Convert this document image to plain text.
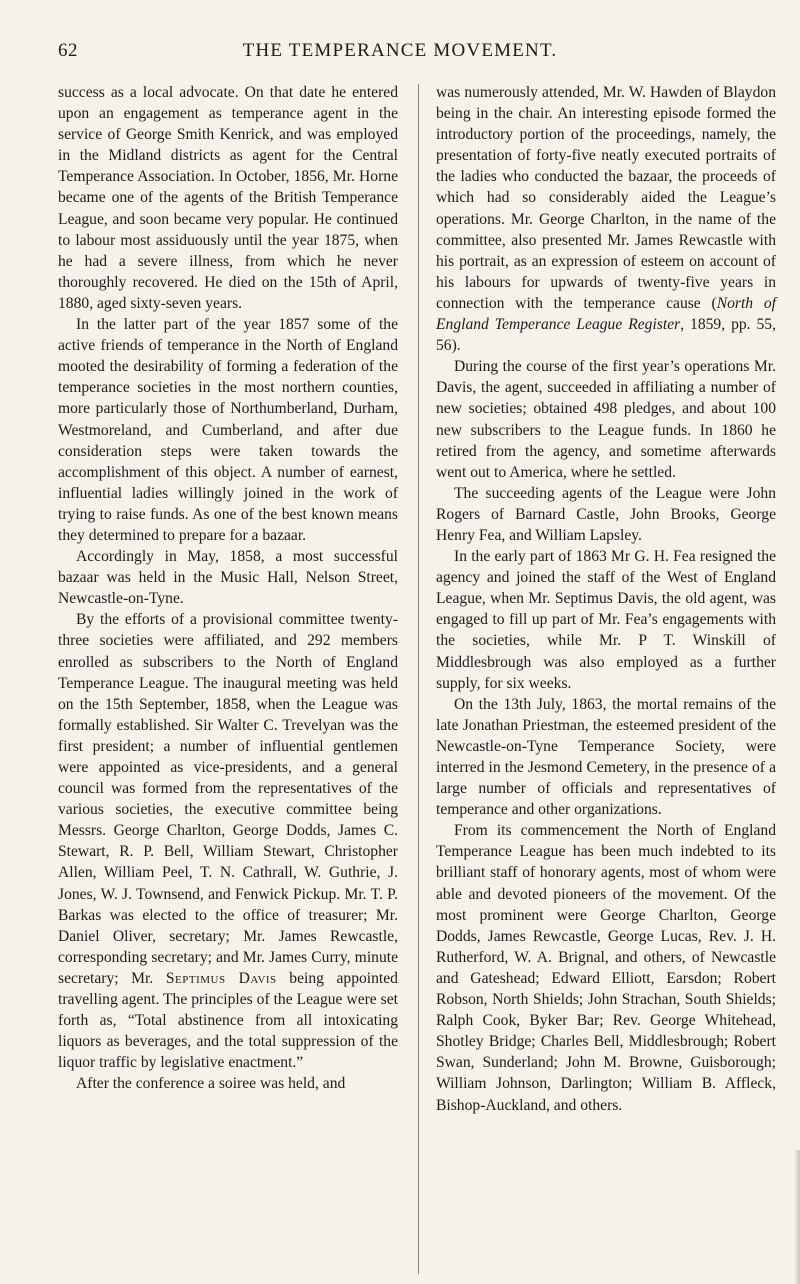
62	THE TEMPERANCE MOVEMENT.

success as a local advocate. On that date he entered upon an engagement as temperance agent in the service of George Smith Kenrick, and was employed in the Midland districts as agent for the Central Temperance Association. In October, 1856, Mr. Horne became one of the agents of the British Temperance League, and soon became very popular. He continued to labour most assiduously until the year 1875, when he had a severe illness, from which he never thoroughly recovered. He died on the 15th of April, 1880, aged sixty-seven years.

In the latter part of the year 1857 some of the active friends of temperance in the North of England mooted the desirability of forming a federation of the temperance societies in the most northern counties, more particularly those of Northumberland, Durham, Westmoreland, and Cumberland, and after due consideration steps were taken towards the accomplishment of this object. A number of earnest, influential ladies willingly joined in the work of trying to raise funds. As one of the best known means they determined to prepare for a bazaar.

Accordingly in May, 1858, a most successful bazaar was held in the Music Hall, Nelson Street, Newcastle-on-Tyne.

By the efforts of a provisional committee twenty-three societies were affiliated, and 292 members enrolled as subscribers to the North of England Temperance League. The inaugural meeting was held on the 15th September, 1858, when the League was formally established. Sir Walter C. Trevelyan was the first president; a number of influential gentlemen were appointed as vice-presidents, and a general council was formed from the representatives of the various societies, the executive committee being Messrs. George Charlton, George Dodds, James C. Stewart, R. P. Bell, William Stewart, Christopher Allen, William Peel, T. N. Cathrall, W. Guthrie, J. Jones, W. J. Townsend, and Fenwick Pickup. Mr. T. P. Barkas was elected to the office of treasurer; Mr. Daniel Oliver, secretary; Mr. James Rewcastle, corresponding secretary; and Mr. James Curry, minute secretary; Mr. Septimus Davis being appointed travelling agent. The principles of the League were set forth as, “Total abstinence from all intoxicating liquors as beverages, and the total suppression of the liquor traffic by legislative enactment.”

After the conference a soiree was held, and

was numerously attended, Mr. W. Hawden of Blaydon being in the chair. An interesting episode formed the introductory portion of the proceedings, namely, the presentation of forty-five neatly executed portraits of the ladies who conducted the bazaar, the proceeds of which had so considerably aided the League’s operations. Mr. George Charlton, in the name of the committee, also presented Mr. James Rewcastle with his portrait, as an expression of esteem on account of his labours for upwards of twenty-five years in connection with the temperance cause (North of England Temperance League Register, 1859, pp. 55, 56).

During the course of the first year’s operations Mr. Davis, the agent, succeeded in affiliating a number of new societies; obtained 498 pledges, and about 100 new subscribers to the League funds. In 1860 he retired from the agency, and sometime afterwards went out to America, where he settled.

The succeeding agents of the League were John Rogers of Barnard Castle, John Brooks, George Henry Fea, and William Lapsley.

In the early part of 1863 Mr G. H. Fea resigned the agency and joined the staff of the West of England League, when Mr. Septimus Davis, the old agent, was engaged to fill up part of Mr. Fea’s engagements with the societies, while Mr. P T. Winskill of Middlesbrough was also employed as a further supply, for six weeks.

On the 13th July, 1863, the mortal remains of the late Jonathan Priestman, the esteemed president of the Newcastle-on-Tyne Temperance Society, were interred in the Jesmond Cemetery, in the presence of a large number of officials and representatives of temperance and other organizations.

From its commencement the North of England Temperance League has been much indebted to its brilliant staff of honorary agents, most of whom were able and devoted pioneers of the movement. Of the most prominent were George Charlton, George Dodds, James Rewcastle, George Lucas, Rev. J. H. Rutherford, W. A. Brignal, and others, of Newcastle and Gateshead; Edward Elliott, Earsdon; Robert Robson, North Shields; John Strachan, South Shields; Ralph Cook, Byker Bar; Rev. George Whitehead, Shotley Bridge; Charles Bell, Middlesbrough; Robert Swan, Sunderland; John M. Browne, Guisborough; William Johnson, Darlington; William B. Affleck, Bishop-Auckland, and others.
